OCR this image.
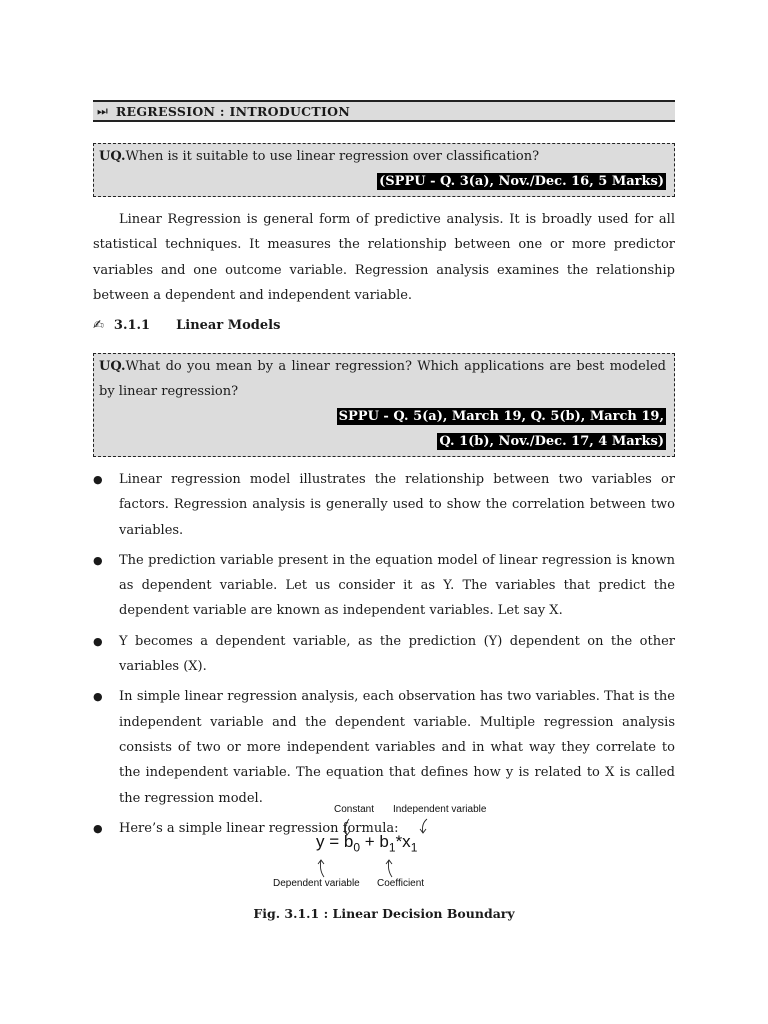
⏭ REGRESSION : INTRODUCTION
UQ.When is it suitable to use linear regression over classification?
(SPPU - Q. 3(a), Nov./Dec. 16, 5 Marks)
Linear Regression is general form of predictive analysis. It is broadly used for all statistical techniques. It measures the relationship between one or more predictor variables and one outcome variable. Regression analysis examines the relationship between a dependent and independent variable.
✍ 3.1.1 Linear Models
UQ.What do you mean by a linear regression? Which applications are best modeled by linear regression?
SPPU - Q. 5(a), March 19, Q. 5(b), March 19,
Q. 1(b), Nov./Dec. 17, 4 Marks)
● Linear regression model illustrates the relationship between two variables or factors. Regression analysis is generally used to show the correlation between two variables.
● The prediction variable present in the equation model of linear regression is known as dependent variable. Let us consider it as Y. The variables that predict the dependent variable are known as independent variables. Let say X.
● Y becomes a dependent variable, as the prediction (Y) dependent on the other variables (X).
● In simple linear regression analysis, each observation has two variables. That is the independent variable and the dependent variable. Multiple regression analysis consists of two or more independent variables and in what way they correlate to the independent variable. The equation that defines how y is related to X is called the regression model.
● Here’s a simple linear regression formula:
Constant Independent variable
$y = b_0 + b_1*x_1$
Dependent variable Coefficient
Fig. 3.1.1 : Linear Decision Boundary
